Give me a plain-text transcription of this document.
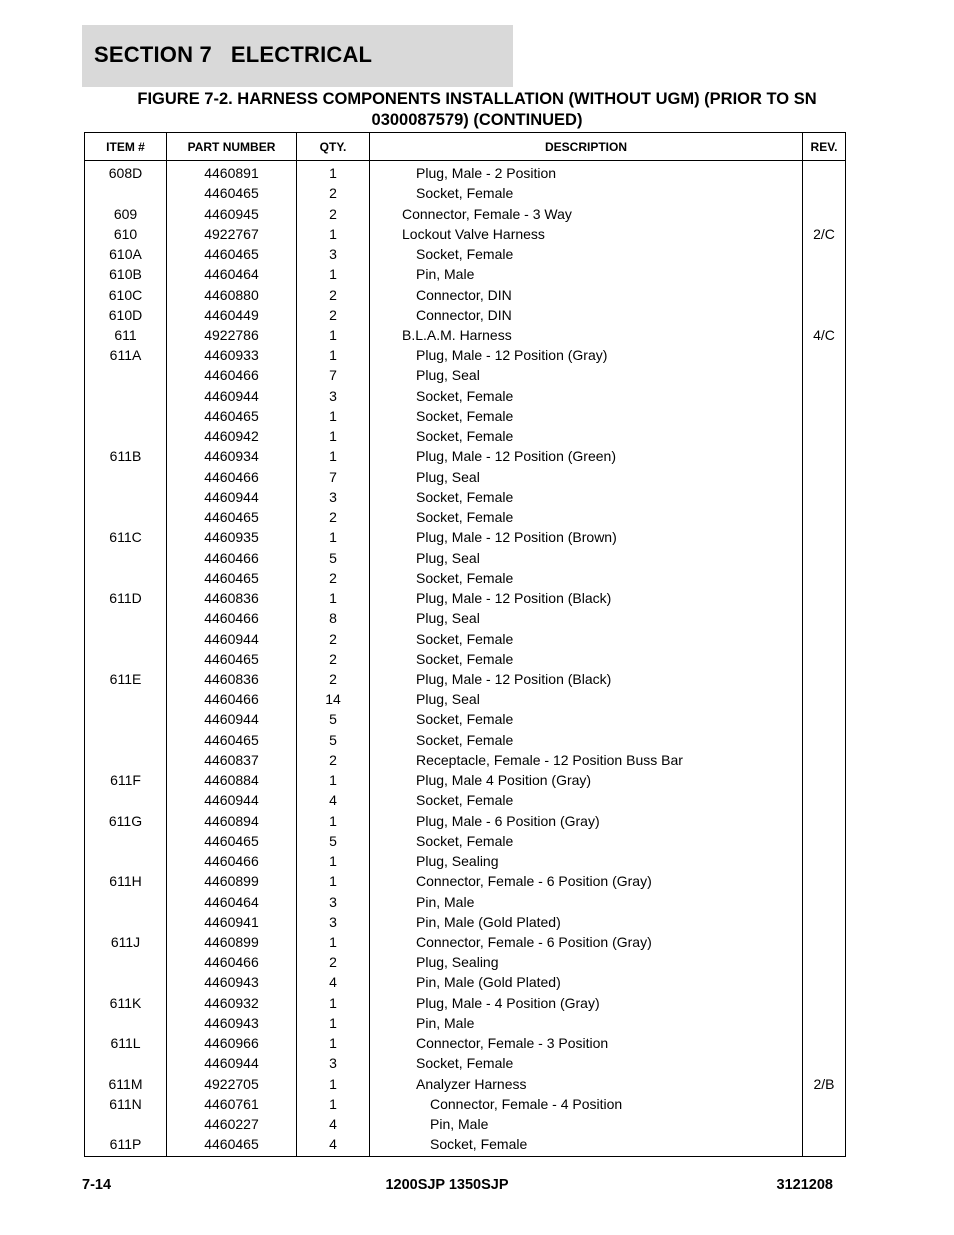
SECTION 7   ELECTRICAL
FIGURE 7-2. HARNESS COMPONENTS INSTALLATION (WITHOUT UGM) (PRIOR TO SN
0300087579) (CONTINUED)
ITEM #	PART NUMBER	QTY.	DESCRIPTION	REV.
608D	4460891	1	Plug, Male - 2 Position	
	4460465	2	Socket, Female	
609	4460945	2	Connector, Female - 3 Way	
610	4922767	1	Lockout Valve Harness	2/C
610A	4460465	3	Socket, Female	
610B	4460464	1	Pin, Male	
610C	4460880	2	Connector, DIN	
610D	4460449	2	Connector, DIN	
611	4922786	1	B.L.A.M. Harness	4/C
611A	4460933	1	Plug, Male - 12 Position (Gray)	
	4460466	7	Plug, Seal	
	4460944	3	Socket, Female	
	4460465	1	Socket, Female	
	4460942	1	Socket, Female	
611B	4460934	1	Plug, Male - 12 Position (Green)	
	4460466	7	Plug, Seal	
	4460944	3	Socket, Female	
	4460465	2	Socket, Female	
611C	4460935	1	Plug, Male - 12 Position (Brown)	
	4460466	5	Plug, Seal	
	4460465	2	Socket, Female	
611D	4460836	1	Plug, Male - 12 Position (Black)	
	4460466	8	Plug, Seal	
	4460944	2	Socket, Female	
	4460465	2	Socket, Female	
611E	4460836	2	Plug, Male - 12 Position (Black)	
	4460466	14	Plug, Seal	
	4460944	5	Socket, Female	
	4460465	5	Socket, Female	
	4460837	2	Receptacle, Female - 12 Position Buss Bar	
611F	4460884	1	Plug, Male 4 Position (Gray)	
	4460944	4	Socket, Female	
611G	4460894	1	Plug, Male - 6 Position (Gray)	
	4460465	5	Socket, Female	
	4460466	1	Plug, Sealing	
611H	4460899	1	Connector, Female - 6 Position (Gray)	
	4460464	3	Pin, Male	
	4460941	3	Pin, Male (Gold Plated)	
611J	4460899	1	Connector, Female - 6 Position (Gray)	
	4460466	2	Plug, Sealing	
	4460943	4	Pin, Male (Gold Plated)	
611K	4460932	1	Plug, Male - 4 Position (Gray)	
	4460943	1	Pin, Male	
611L	4460966	1	Connector, Female - 3 Position	
	4460944	3	Socket, Female	
611M	4922705	1	Analyzer Harness	2/B
611N	4460761	1	Connector, Female - 4 Position	
	4460227	4	Pin, Male	
611P	4460465	4	Socket, Female	
7-14	1200SJP 1350SJP	3121208
